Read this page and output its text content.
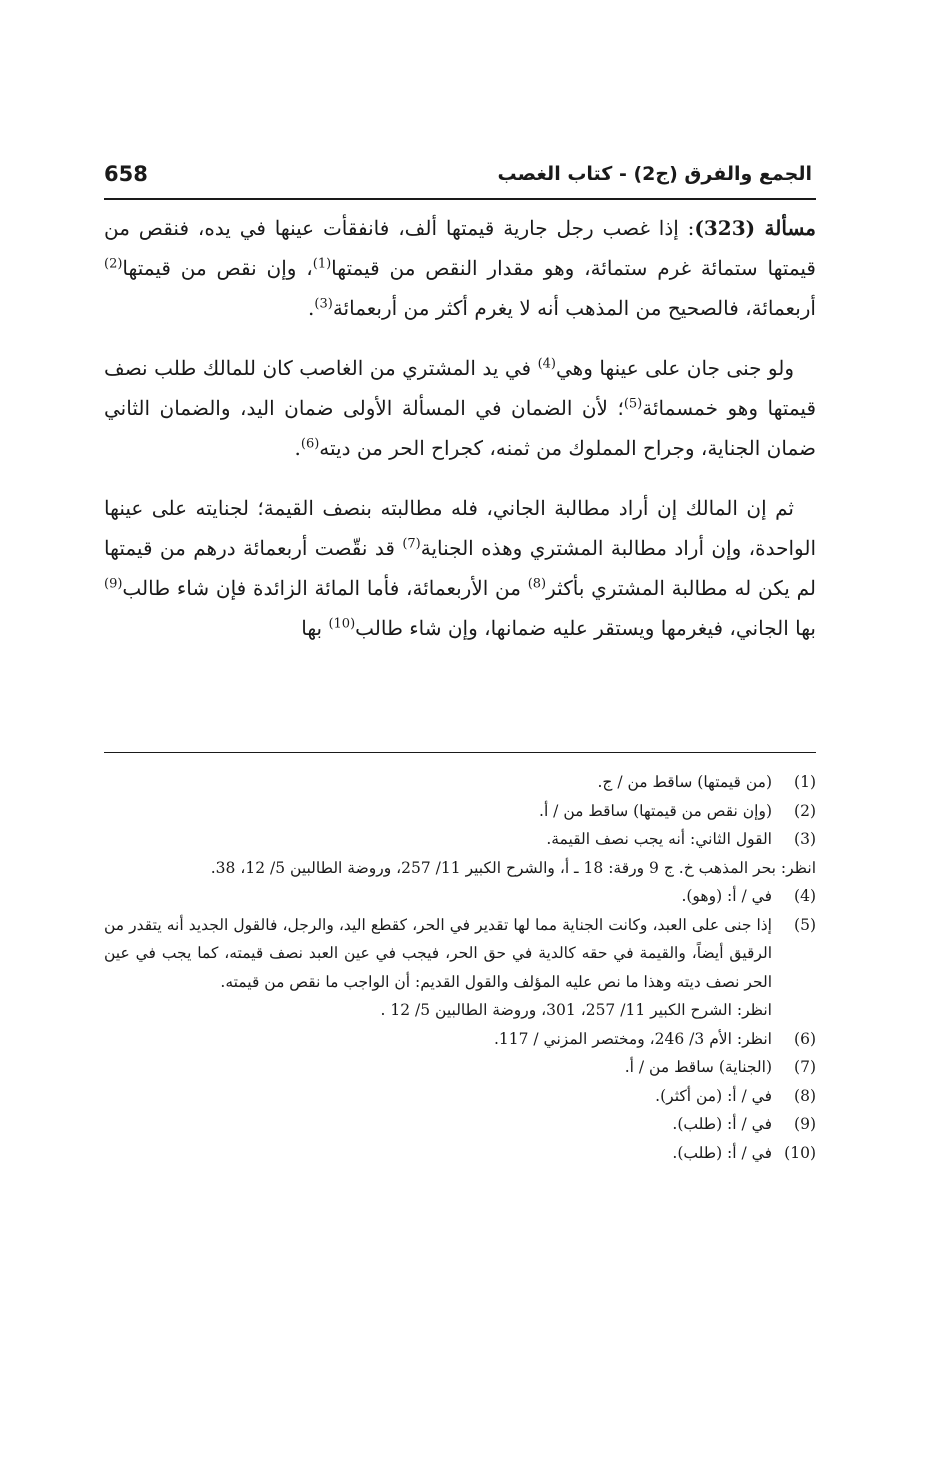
658	الجمع والفرق (ج2) - كتاب الغصب

مسألة (323): إذا غصب رجل جارية قيمتها ألف، فانفقأت عينها في يده، فنقص من قيمتها ستمائة غرم ستمائة، وهو مقدار النقص من قيمتها$^{(1)}$، وإن نقص من قيمتها$^{(2)}$ أربعمائة، فالصحيح من المذهب أنه لا يغرم أكثر من أربعمائة$^{(3)}$.

ولو جنى جان على عينها وهي$^{(4)}$ في يد المشتري من الغاصب كان للمالك طلب نصف قيمتها وهو خمسمائة$^{(5)}$؛ لأن الضمان في المسألة الأولى ضمان اليد، والضمان الثاني ضمان الجناية، وجراح المملوك من ثمنه، كجراح الحر من ديته$^{(6)}$.

ثم إن المالك إن أراد مطالبة الجاني، فله مطالبته بنصف القيمة؛ لجنايته على عينها الواحدة، وإن أراد مطالبة المشتري وهذه الجناية$^{(7)}$ قد نقّصت أربعمائة درهم من قيمتها لم يكن له مطالبة المشتري بأكثر$^{(8)}$ من الأربعمائة، فأما المائة الزائدة فإن شاء طالب$^{(9)}$ بها الجاني، فيغرمها ويستقر عليه ضمانها، وإن شاء طالب$^{(10)}$ بها

(1)
(من قيمتها) ساقط من / ج.
(2)
(وإن نقص من قيمتها) ساقط من / أ.
(3)
القول الثاني: أنه يجب نصف القيمة.
انظر: بحر المذهب خ. ج 9 ورقة: 18 ـ أ، والشرح الكبير 11/ 257، وروضة الطالبين 5/ 12، 38.
(4)
في / أ: (وهو).
(5)
إذا جنى على العبد، وكانت الجناية مما لها تقدير في الحر، كقطع اليد، والرجل، فالقول الجديد أنه يتقدر من الرقيق أيضاً، والقيمة في حقه كالدية في حق الحر، فيجب في عين العبد نصف قيمته، كما يجب في عين الحر نصف ديته وهذا ما نص عليه المؤلف والقول القديم: أن الواجب ما نقص من قيمته.
انظر: الشرح الكبير 11/ 257، 301، وروضة الطالبين 5/ 12 .
(6)
انظر: الأم 3/ 246، ومختصر المزني / 117.
(7)
(الجناية) ساقط من / أ.
(8)
في / أ: (من أكثر).
(9)
في / أ: (طلب).
(10)
في / أ: (طلب).
